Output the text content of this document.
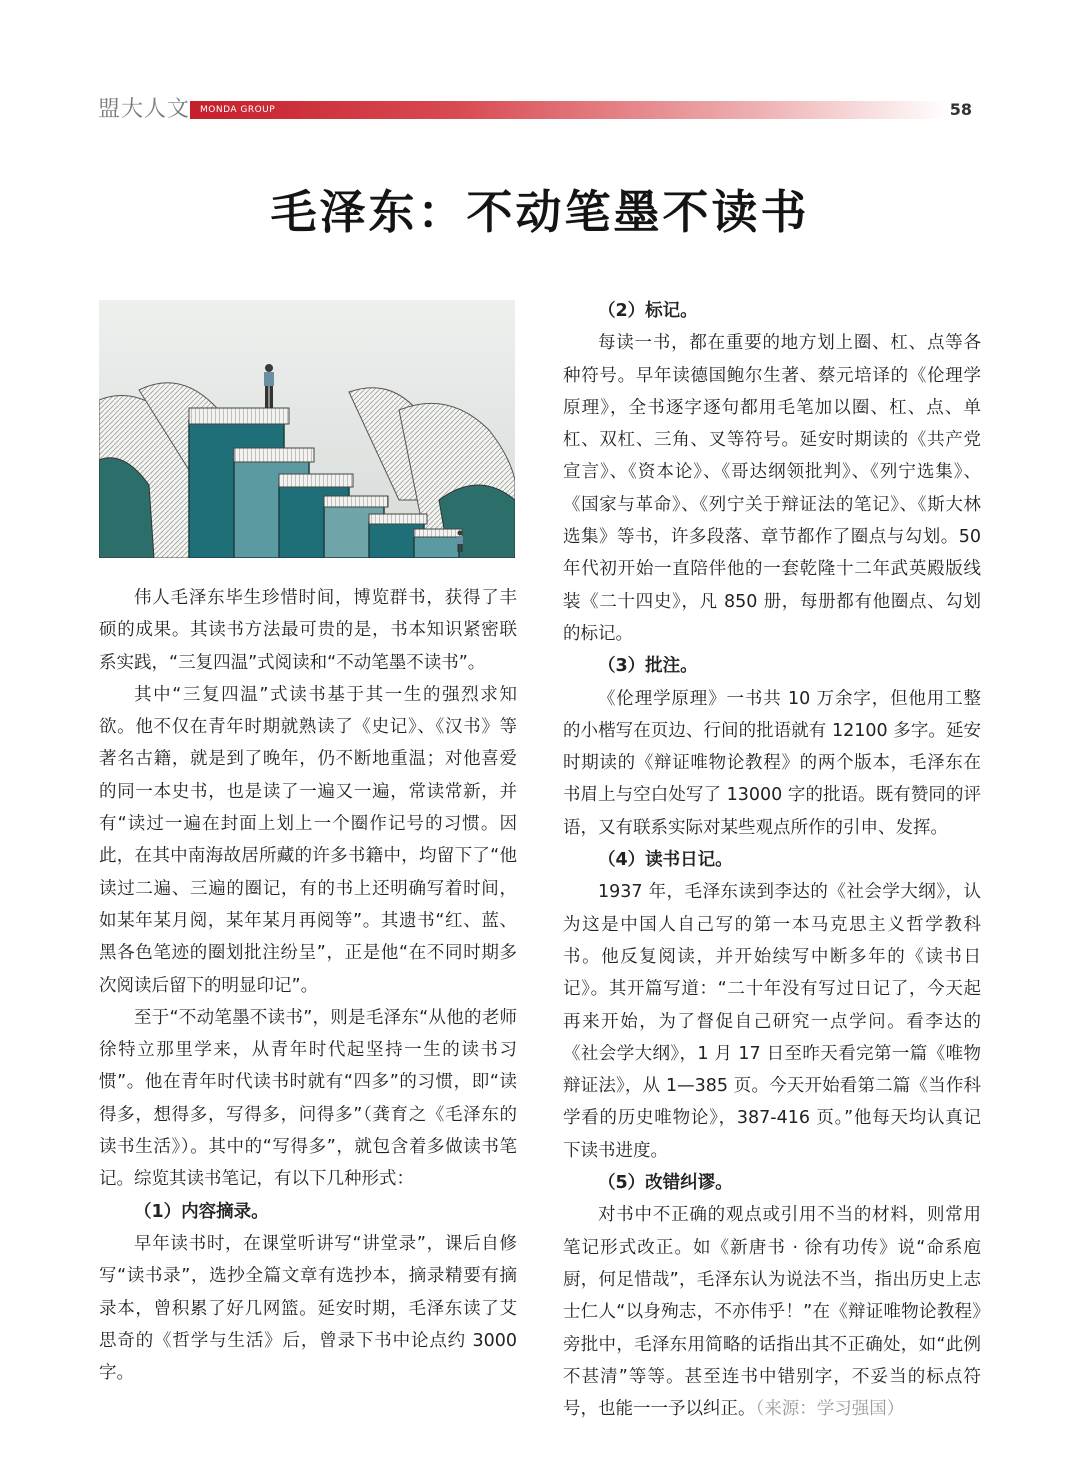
盟大人文 MONDA GROUP	58
毛泽东：不动笔墨不读书

伟人毛泽东毕生珍惜时间，博览群书，获得了丰硕的成果。其读书方法最可贵的是，书本知识紧密联系实践，“三复四温”式阅读和“不动笔墨不读书”。

其中“三复四温”式读书基于其一生的强烈求知欲。他不仅在青年时期就熟读了《史记》、《汉书》等著名古籍，就是到了晚年，仍不断地重温；对他喜爱的同一本史书，也是读了一遍又一遍，常读常新，并有“读过一遍在封面上划上一个圈作记号的习惯。因此，在其中南海故居所藏的许多书籍中，均留下了“他读过二遍、三遍的圈记，有的书上还明确写着时间，如某年某月阅，某年某月再阅等”。其遗书“红、蓝、黑各色笔迹的圈划批注纷呈”，正是他“在不同时期多次阅读后留下的明显印记”。

至于“不动笔墨不读书”，则是毛泽东“从他的老师徐特立那里学来，从青年时代起坚持一生的读书习惯”。他在青年时代读书时就有“四多”的习惯，即“读得多，想得多，写得多，问得多”（龚育之《毛泽东的读书生活》）。其中的“写得多”，就包含着多做读书笔记。综览其读书笔记，有以下几种形式：

（1）内容摘录。

早年读书时，在课堂听讲写“讲堂录”，课后自修写“读书录”，选抄全篇文章有选抄本，摘录精要有摘录本，曾积累了好几网篮。延安时期，毛泽东读了艾思奇的《哲学与生活》后，曾录下书中论点约 3000 字。

（2）标记。

每读一书，都在重要的地方划上圈、杠、点等各种符号。早年读德国鲍尔生著、蔡元培译的《伦理学原理》，全书逐字逐句都用毛笔加以圈、杠、点、单杠、双杠、三角、叉等符号。延安时期读的《共产党宣言》、《资本论》、《哥达纲领批判》、《列宁选集》、《国家与革命》、《列宁关于辩证法的笔记》、《斯大林选集》等书，许多段落、章节都作了圈点与勾划。50 年代初开始一直陪伴他的一套乾隆十二年武英殿版线装《二十四史》，凡 850 册，每册都有他圈点、勾划的标记。

（3）批注。

《伦理学原理》一书共 10 万余字，但他用工整的小楷写在页边、行间的批语就有 12100 多字。延安时期读的《辩证唯物论教程》的两个版本，毛泽东在书眉上与空白处写了 13000 字的批语。既有赞同的评语，又有联系实际对某些观点所作的引申、发挥。

（4）读书日记。

1937 年，毛泽东读到李达的《社会学大纲》，认为这是中国人自己写的第一本马克思主义哲学教科书。他反复阅读，并开始续写中断多年的《读书日记》。其开篇写道：“二十年没有写过日记了，今天起再来开始，为了督促自己研究一点学问。看李达的《社会学大纲》，1 月 17 日至昨天看完第一篇《唯物辩证法》，从 1—385 页。今天开始看第二篇《当作科学看的历史唯物论》，387-416 页。”他每天均认真记下读书进度。

（5）改错纠谬。

对书中不正确的观点或引用不当的材料，则常用笔记形式改正。如《新唐书 · 徐有功传》说“命系庖厨，何足惜哉”，毛泽东认为说法不当，指出历史上志士仁人“以身殉志，不亦伟乎！”在《辩证唯物论教程》旁批中，毛泽东用简略的话指出其不正确处，如“此例不甚清”等等。甚至连书中错别字，不妥当的标点符号，也能一一予以纠正。（来源：学习强国）
